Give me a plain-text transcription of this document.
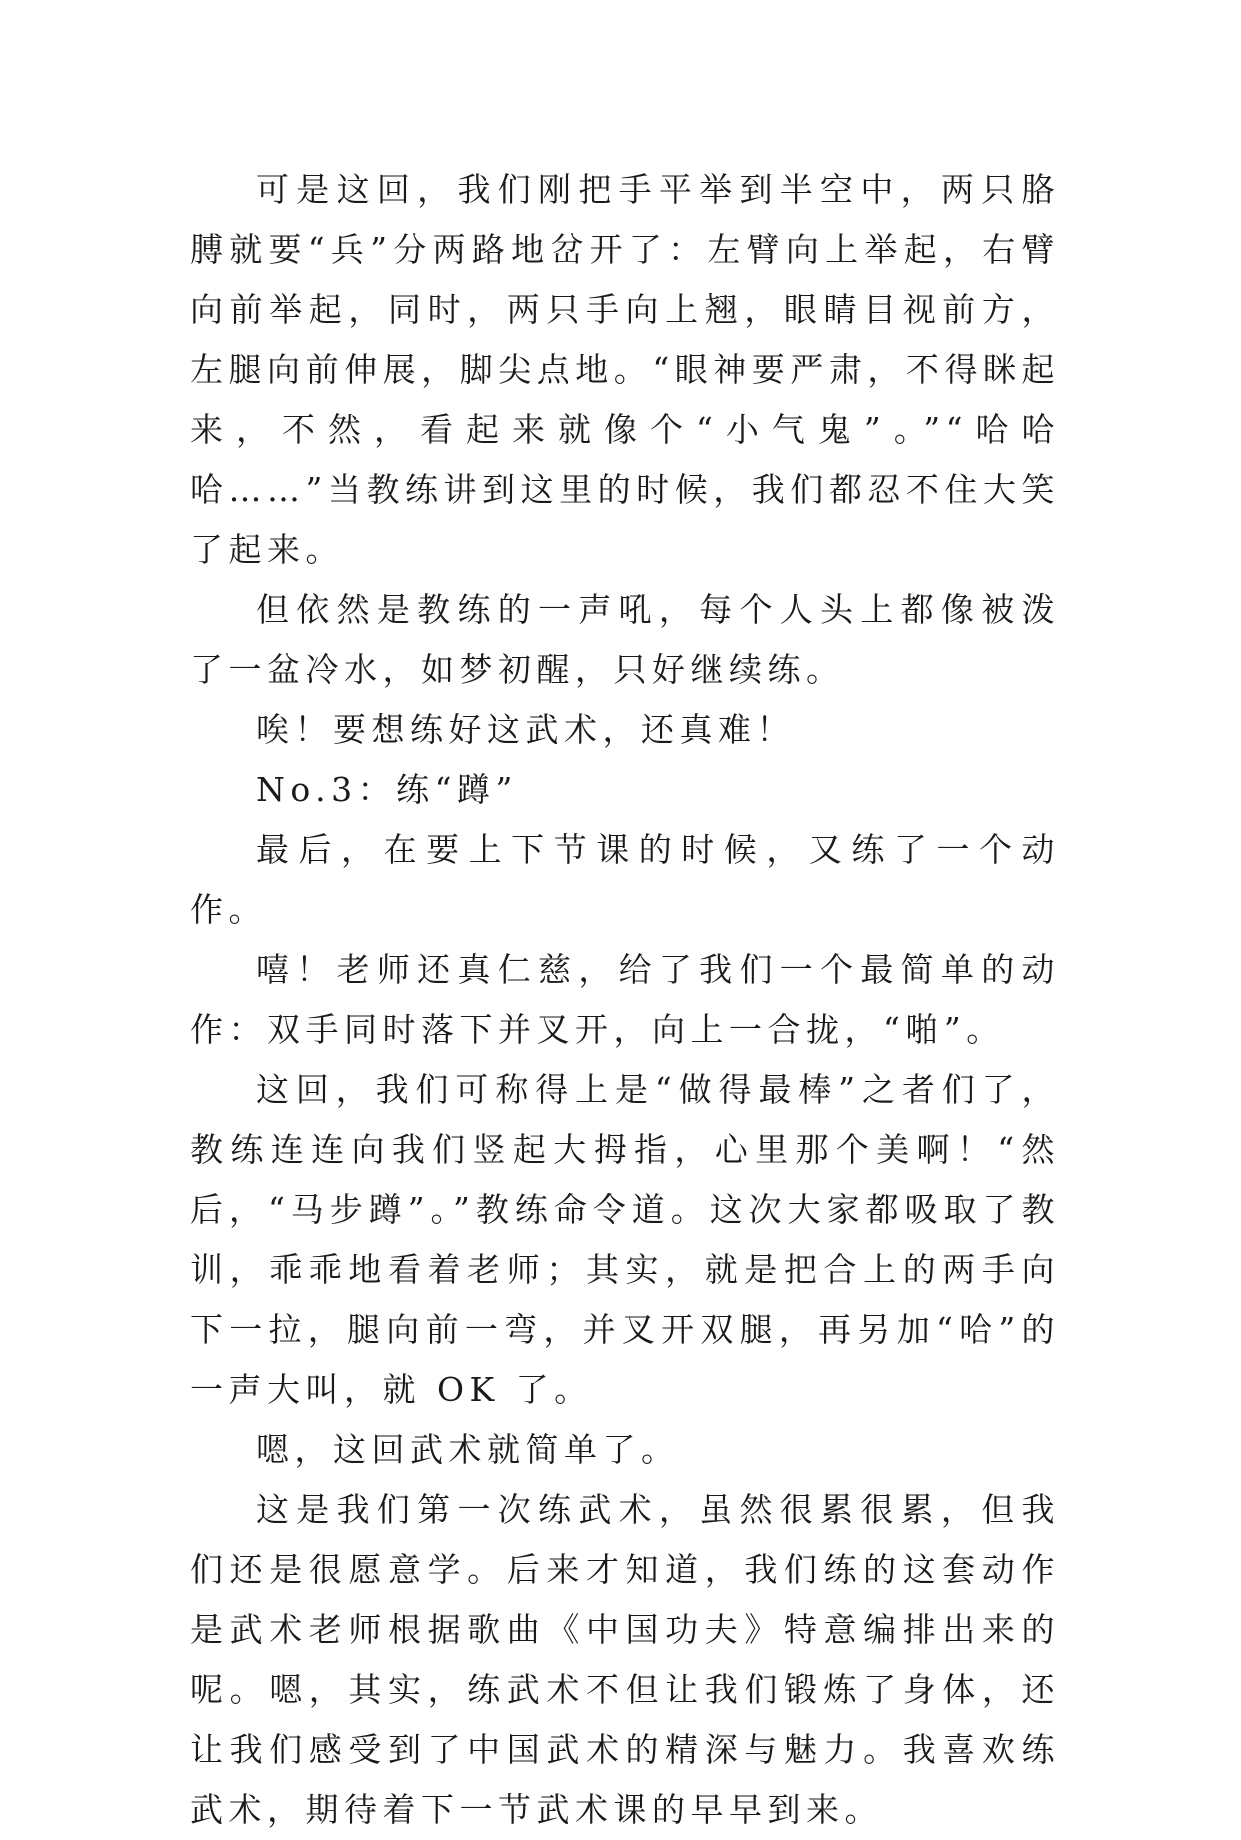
可是这回，我们刚把手平举到半空中，两只胳膊就要“兵”分两路地岔开了：左臂向上举起，右臂向前举起，同时，两只手向上翘，眼睛目视前方，左腿向前伸展，脚尖点地。“眼神要严肃，不得眯起来，不然，看起来就像个“小气鬼”。”“哈哈哈……”当教练讲到这里的时候，我们都忍不住大笑了起来。

但依然是教练的一声吼，每个人头上都像被泼了一盆冷水，如梦初醒，只好继续练。

唉！要想练好这武术，还真难！

No.3：练“蹲”

最后，在要上下节课的时候，又练了一个动作。

嘻！老师还真仁慈，给了我们一个最简单的动作：双手同时落下并叉开，向上一合拢，“啪”。

这回，我们可称得上是“做得最棒”之者们了，教练连连向我们竖起大拇指，心里那个美啊！“然后，“马步蹲”。”教练命令道。这次大家都吸取了教训，乖乖地看着老师；其实，就是把合上的两手向下一拉，腿向前一弯，并叉开双腿，再另加“哈”的一声大叫，就 OK 了。

嗯，这回武术就简单了。

这是我们第一次练武术，虽然很累很累，但我们还是很愿意学。后来才知道，我们练的这套动作是武术老师根据歌曲《中国功夫》特意编排出来的呢。嗯，其实，练武术不但让我们锻炼了身体，还让我们感受到了中国武术的精深与魅力。我喜欢练武术，期待着下一节武术课的早早到来。
